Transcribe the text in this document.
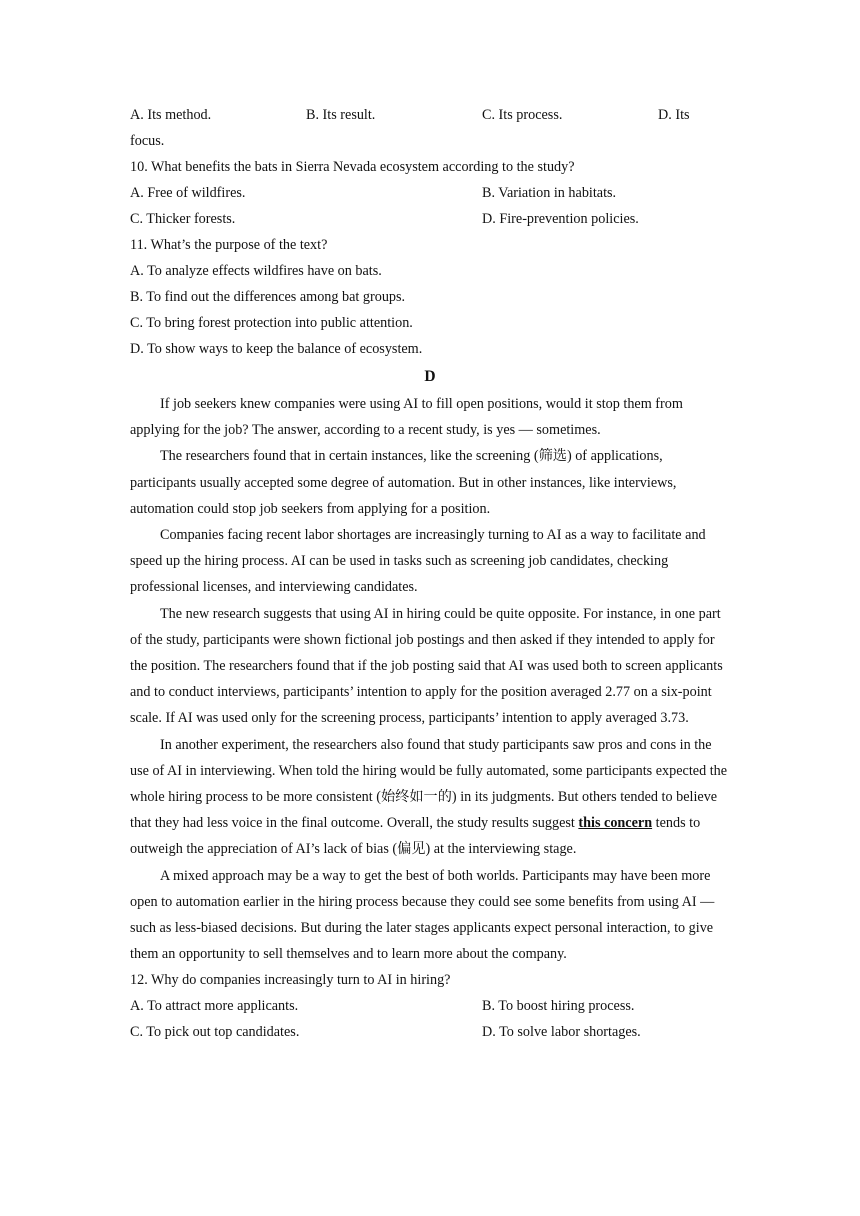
A. Its method.	B. Its result.	C. Its process.	D. Its
focus.
10. What benefits the bats in Sierra Nevada ecosystem according to the study?
A. Free of wildfires.	B. Variation in habitats.
C. Thicker forests.	D. Fire-prevention policies.
11. What’s the purpose of the text?
A. To analyze effects wildfires have on bats.
B. To find out the differences among bat groups.
C. To bring forest protection into public attention.
D. To show ways to keep the balance of ecosystem.
D

If job seekers knew companies were using AI to fill open positions, would it stop them from applying for the job? The answer, according to a recent study, is yes — sometimes.

The researchers found that in certain instances, like the screening (筛选) of applications, participants usually accepted some degree of automation. But in other instances, like interviews, automation could stop job seekers from applying for a position.

Companies facing recent labor shortages are increasingly turning to AI as a way to facilitate and speed up the hiring process. AI can be used in tasks such as screening job candidates, checking professional licenses, and interviewing candidates.

The new research suggests that using AI in hiring could be quite opposite. For instance, in one part of the study, participants were shown fictional job postings and then asked if they intended to apply for the position. The researchers found that if the job posting said that AI was used both to screen applicants and to conduct interviews, participants’ intention to apply for the position averaged 2.77 on a six-point scale. If AI was used only for the screening process, participants’ intention to apply averaged 3.73.

In another experiment, the researchers also found that study participants saw pros and cons in the use of AI in interviewing. When told the hiring would be fully automated, some participants expected the whole hiring process to be more consistent (始终如一的) in its judgments. But others tended to believe that they had less voice in the final outcome. Overall, the study results suggest this concern tends to outweigh the appreciation of AI’s lack of bias (偏见) at the interviewing stage.

A mixed approach may be a way to get the best of both worlds. Participants may have been more open to automation earlier in the hiring process because they could see some benefits from using AI — such as less-biased decisions. But during the later stages applicants expect personal interaction, to give them an opportunity to sell themselves and to learn more about the company.

12. Why do companies increasingly turn to AI in hiring?
A. To attract more applicants.	B. To boost hiring process.
C. To pick out top candidates.	D. To solve labor shortages.
